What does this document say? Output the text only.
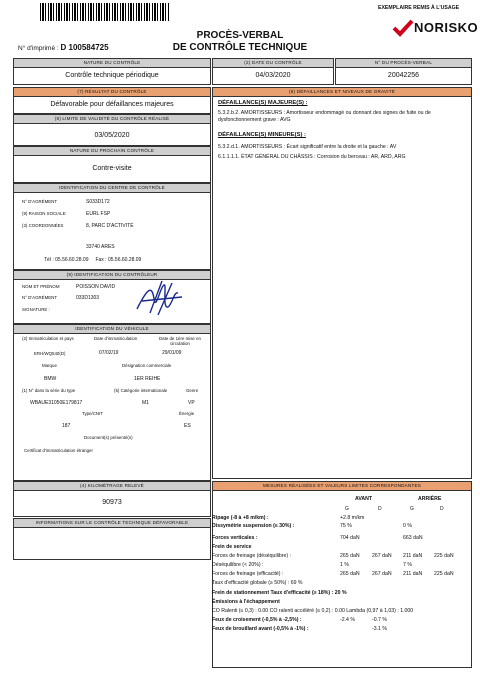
EXEMPLAIRE REMIS À L'USAGE
NORISKO
PROCÈS-VERBAL
DE CONTRÔLE TECHNIQUE
N° d'imprimé : D 100584725
NATURE DU CONTRÔLE
Contrôle technique périodique
(2) DATE DU CONTRÔLE
04/03/2020
N° DU PROCÈS-VERBAL
20042256
(7) RÉSULTAT DU CONTRÔLE
Défavorable pour défaillances majeures
(8) LIMITE DE VALIDITÉ DU CONTRÔLE RÉALISÉ
03/05/2020
NATURE DU PROCHAIN CONTRÔLE
Contre-visite
(6) DÉFAILLANCES ET NIVEAUX DE GRAVITÉ
DÉFAILLANCE(S) MAJEURE(S) :
5.3.2.b.2. AMORTISSEURS : Amortisseur endommagé ou donnant des signes de fuite ou de dysfonctionnement grave : AVG
DÉFAILLANCE(S) MINEURE(S) :
5.3.2.d.1. AMORTISSEURS : Écart significatif entre la droite et la gauche : AV
6.1.1.1.1. ÉTAT GÉNÉRAL DU CHÂSSIS : Corrosion du berceau : AR, ARD, ARG
IDENTIFICATION DU CENTRE DE CONTRÔLE
N° D'AGRÉMENT	S033D172
(9) RAISON SOCIALE	EURL FSP
(3) COORDONNÉES	8, PARC D'ACTIVITÉ
33740 ARES
Tél : 05.56.60.28.09 Fax : 05.56.60.28.09
(9) IDENTIFICATION DU CONTRÔLEUR
NOM ET PRÉNOM	POISSON DAVID
N° D'AGRÉMENT	033D1303
SIGNATURE :
IDENTIFICATION DU VÉHICULE
(2) Immatriculation et pays	Date d'immatriculation	Date de 1ère mise en circulation
ERH/WQ540(D)	07/02/19	29/01/09
Marque	Désignation commerciale
BMW	1ER REIHE
(1) N° dans la série du type	(5) Catégorie internationale	Genre
WBAUE31050E179817	M1	VP
Type/CNIT	Énergie
187	ES
Document(s) présenté(s)
Certificat d'immatriculation étranger
(4) KILOMÉTRAGE RELEVÉ
90973
INFORMATIONS SUR LE CONTRÔLE TECHNIQUE DÉFAVORABLE
MESURES RÉALISÉES ET VALEURS LIMITES CORRESPONDANTES
AVANT	ARRIÈRE
G	D	G	D
Ripage (-8 à +8 m/km) :	+2.8 m/km
Dissymétrie suspension (≤ 30%) :	75 %	0 %
Forces verticales :	704 daN	663 daN
Frein de service
Forces de freinage (déséquilibre) :	265 daN 267 daN 211 daN 225 daN
Déséquilibre (< 20%) :	1 %	7 %
Forces de freinage (efficacité) :	265 daN 267 daN 211 daN 225 daN
Taux d'efficacité globale (≥ 50%) : 69 %
Frein de stationnement Taux d'efficacité (≥ 18%) : 20 %
Émissions à l'échappement
CO Ralenti (≤ 0,3) : 0.00 CO ralenti accéléré (≤ 0,2) : 0.00 Lambda (0,97 à 1,03) : 1.000
Feux de croisement (-0,5% à -2,5%) :	-2.4 %	-0.7 %
Feux de brouillard avant (-0,5% à -1%) :	-3.1 %
